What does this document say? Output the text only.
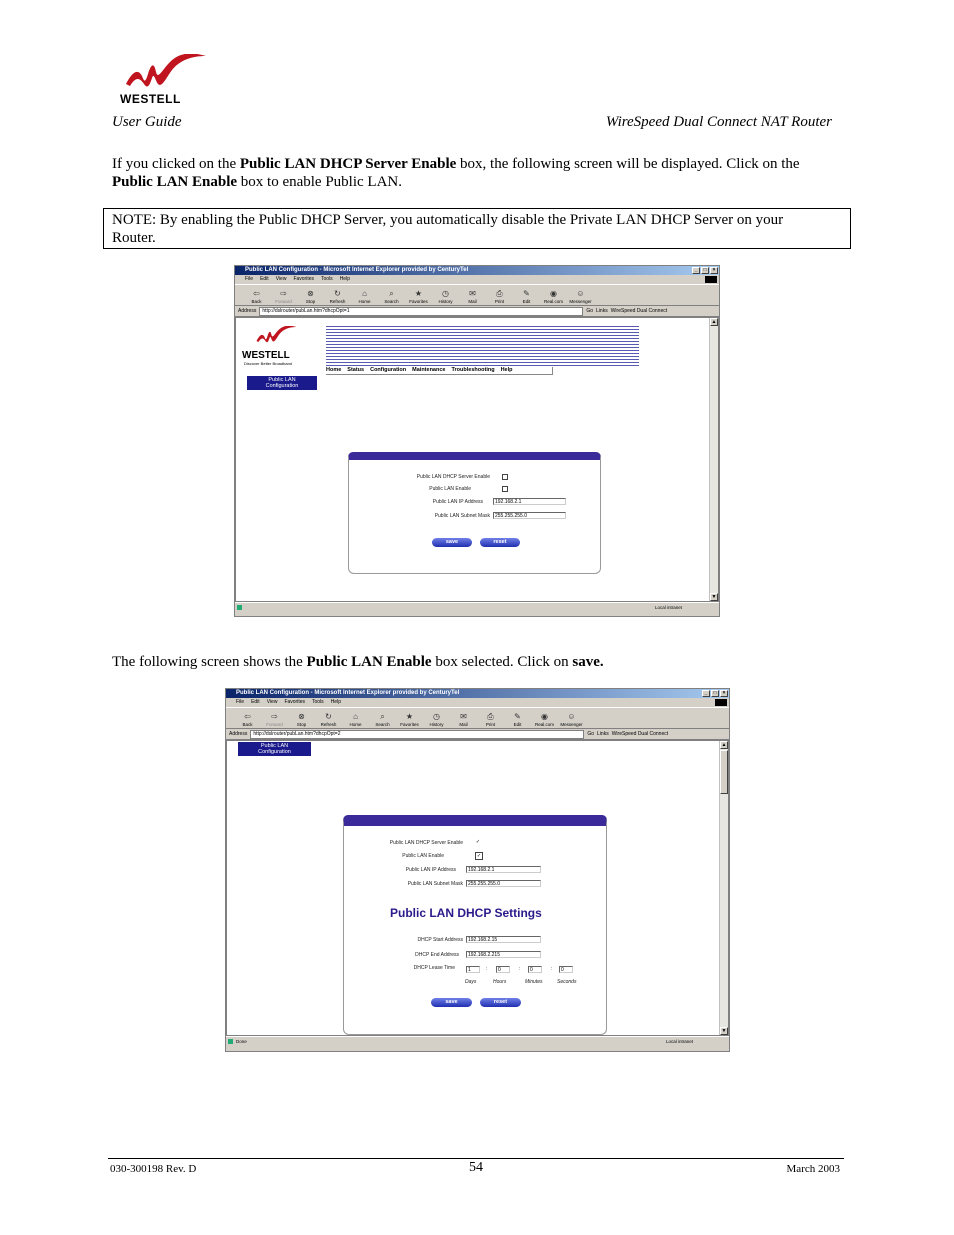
WESTELL
User Guide	WireSpeed Dual Connect NAT Router
If you clicked on the Public LAN DHCP Server Enable box, the following screen will be displayed. Click on the
Public LAN Enable box to enable Public LAN.
NOTE: By enabling the Public DHCP Server, you automatically disable the Private LAN DHCP Server on your
Router.
Public LAN Configuration - Microsoft Internet Explorer provided by CenturyTel	_	□	×
File Edit View Favorites Tools Help
⇦
Back
⇨
Forward
⊗
Stop
↻
Refresh
⌂
Home
⌕
Search
★
Favorites
◷
History
✉
Mail
⎙
Print
✎
Edit
◉
Real.com
☺
Messenger
Address	http://dslrouter/pubLan.htm?dhcpOpt=1	Go Links WireSpeed Dual Connect
WESTELL
Discover Better Broadband
Home Status Configuration Maintenance Troubleshooting Help
Public LAN
Configuration
Public LAN DHCP Server Enable
Public LAN Enable
Public LAN IP Address	192.168.2.1
Public LAN Subnet Mask	255.255.255.0
save	reset
▲
▼
Local intranet
The following screen shows the Public LAN Enable box selected. Click on save.
Public LAN Configuration - Microsoft Internet Explorer provided by CenturyTel	_	□	×
File Edit View Favorites Tools Help
⇦
Back
⇨
Forward
⊗
Stop
↻
Refresh
⌂
Home
⌕
Search
★
Favorites
◷
History
✉
Mail
⎙
Print
✎
Edit
◉
Real.com
☺
Messenger
Address	http://dslrouter/pubLan.htm?dhcpOpt=2	Go Links WireSpeed Dual Connect
Public LAN
Configuration
Public LAN DHCP Server Enable	✓
Public LAN Enable	✓
Public LAN IP Address	192.168.2.1
Public LAN Subnet Mask	255.255.255.0
Public LAN DHCP Settings
DHCP Start Address	192.168.2.15
DHCP End Address	192.168.2.215
DHCP Lease Time	1	:	0	:	0	:	0
Days	Hours	Minutes	Seconds
save	reset
▲
▼
Done	Local intranet
030-300198 Rev. D	54	March 2003
